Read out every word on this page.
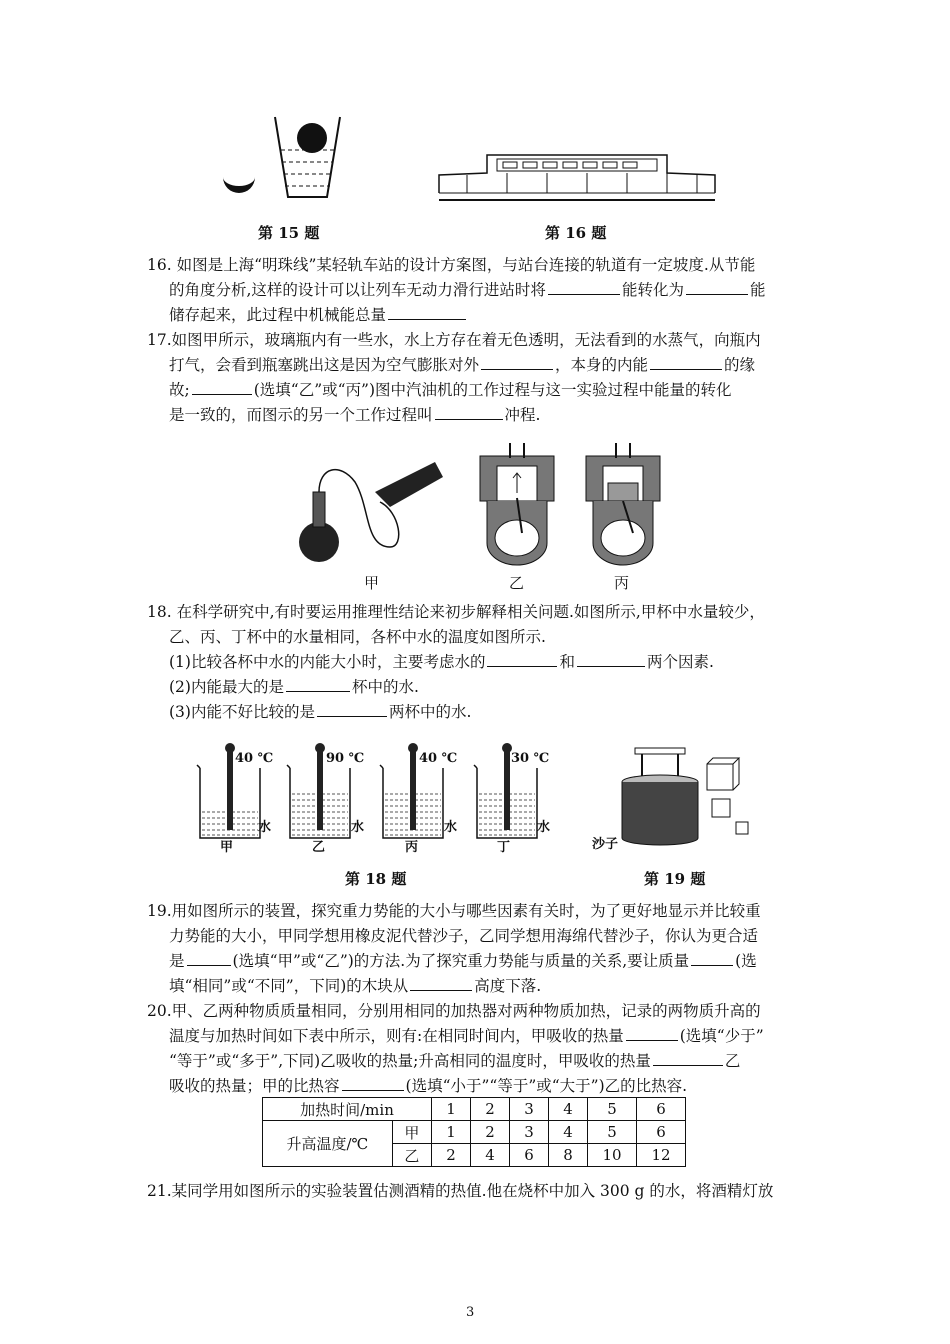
第 15 题	第 16 题
16. 如图是上海“明珠线”某轻轨车站的设计方案图，与站台连接的轨道有一定坡度.从节能
的角度分析,这样的设计可以让列车无动力滑行进站时将	能转化为	能
储存起来，此过程中机械能总量
17.如图甲所示，玻璃瓶内有一些水，水上方存在着无色透明，无法看到的水蒸气，向瓶内
打气，会看到瓶塞跳出这是因为空气膨胀对外	，本身的内能	的缘
故;	(选填“乙”或“丙”)图中汽油机的工作过程与这一实验过程中能量的转化
是一致的，而图示的另一个工作过程叫	冲程.
甲	乙	丙
18. 在科学研究中,有时要运用推理性结论来初步解释相关问题.如图所示,甲杯中水量较少，
乙、丙、丁杯中的水量相同，各杯中水的温度如图所示.
(1)比较各杯中水的内能大小时，主要考虑水的	和	两个因素.
(2)内能最大的是	杯中的水.
(3)内能不好比较的是	两杯中的水.
40 ℃	90 ℃	40 ℃	30 ℃
水	水	水	水
甲	乙	丙	丁	沙子
第 18 题	第 19 题
19.用如图所示的装置，探究重力势能的大小与哪些因素有关时，为了更好地显示并比较重
力势能的大小，甲同学想用橡皮泥代替沙子，乙同学想用海绵代替沙子，你认为更合适
是	(选填“甲”或“乙”)的方法.为了探究重力势能与质量的关系,要让质量	(选
填“相同”或“不同”，下同)的木块从	高度下落.
20.甲、乙两种物质质量相同，分别用相同的加热器对两种物质加热，记录的两物质升高的
温度与加热时间如下表中所示，则有:在相同时间内，甲吸收的热量	(选填“少于”
“等于”或“多于”,下同)乙吸收的热量;升高相同的温度时，甲吸收的热量	乙
吸收的热量；甲的比热容	(选填“小于”“等于”或“大于”)乙的比热容.
加热时间/min		1	2	3	4	5	6
升高温度/℃	甲	1	2	3	4	5	6
	乙	2	4	6	8	10	12
21.某同学用如图所示的实验装置估测酒精的热值.他在烧杯中加入 300 g 的水，将酒精灯放
3
